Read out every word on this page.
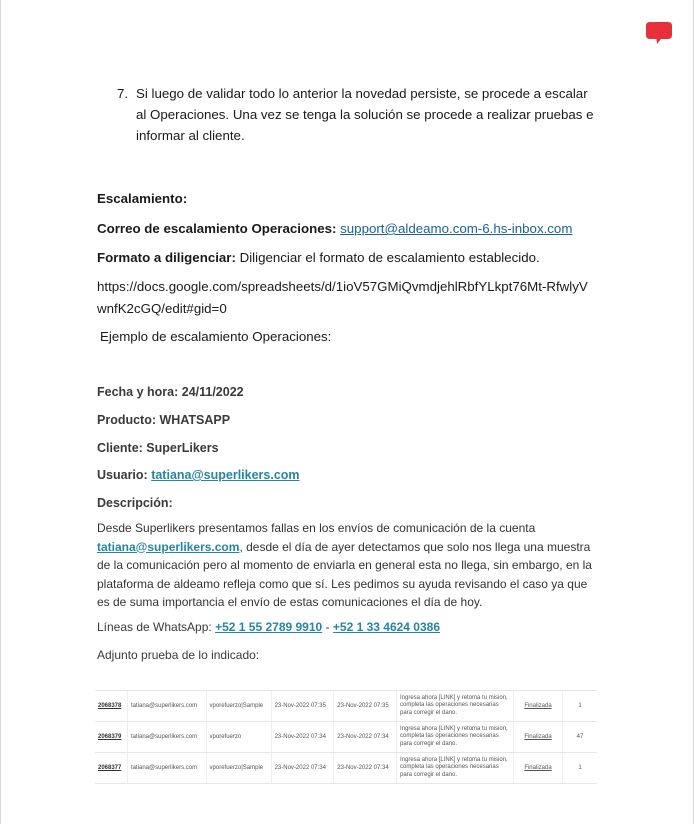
7. Si luego de validar todo lo anterior la novedad persiste, se procede a escalar al Operaciones. Una vez se tenga la solución se procede a realizar pruebas e informar al cliente.
Escalamiento:
Correo de escalamiento Operaciones: support@aldeamo.com-6.hs-inbox.com
Formato a diligenciar: Diligenciar el formato de escalamiento establecido.
https://docs.google.com/spreadsheets/d/1ioV57GMiQvmdjehlRbfYLkpt76Mt-RfwlyVwnfK2cGQ/edit#gid=0
Ejemplo de escalamiento Operaciones:
Fecha y hora: 24/11/2022
Producto: WHATSAPP
Cliente: SuperLikers
Usuario: tatiana@superlikers.com
Descripción:

Desde Superlikers presentamos fallas en los envíos de comunicación de la cuenta tatiana@superlikers.com, desde el día de ayer detectamos que solo nos llega una muestra de la comunicación pero al momento de enviarla en general esta no llega, sin embargo, en la plataforma de aldeamo refleja como que sí. Les pedimos su ayuda revisando el caso ya que es de suma importancia el envío de estas comunicaciones el día de hoy.

Líneas de WhatsApp: +52 1 55 2789 9910 - +52 1 33 4624 0386
Adjunto prueba de lo indicado:
2068378	tatiana@superlikers.com	vporefuerzo|Sample	23-Nov-2022 07:35	23-Nov-2022 07:35	Ingresa ahora [LINK] y retoma tu mision, completa las operaciones necesarias para corregir el dano.	Finalizada	1
2068379	tatiana@superlikers.com	vporefuerzo	23-Nov-2022 07:34	23-Nov-2022 07:34	Ingresa ahora [LINK] y retoma tu mision, completa las operaciones necesarias para corregir el dano.	Finalizada	47
2068377	tatiana@superlikers.com	vporefuerzo|Sample	23-Nov-2022 07:34	23-Nov-2022 07:34	Ingresa ahora [LINK] y retoma tu mision, completa las operaciones necesarias para corregir el dano.	Finalizada	1
